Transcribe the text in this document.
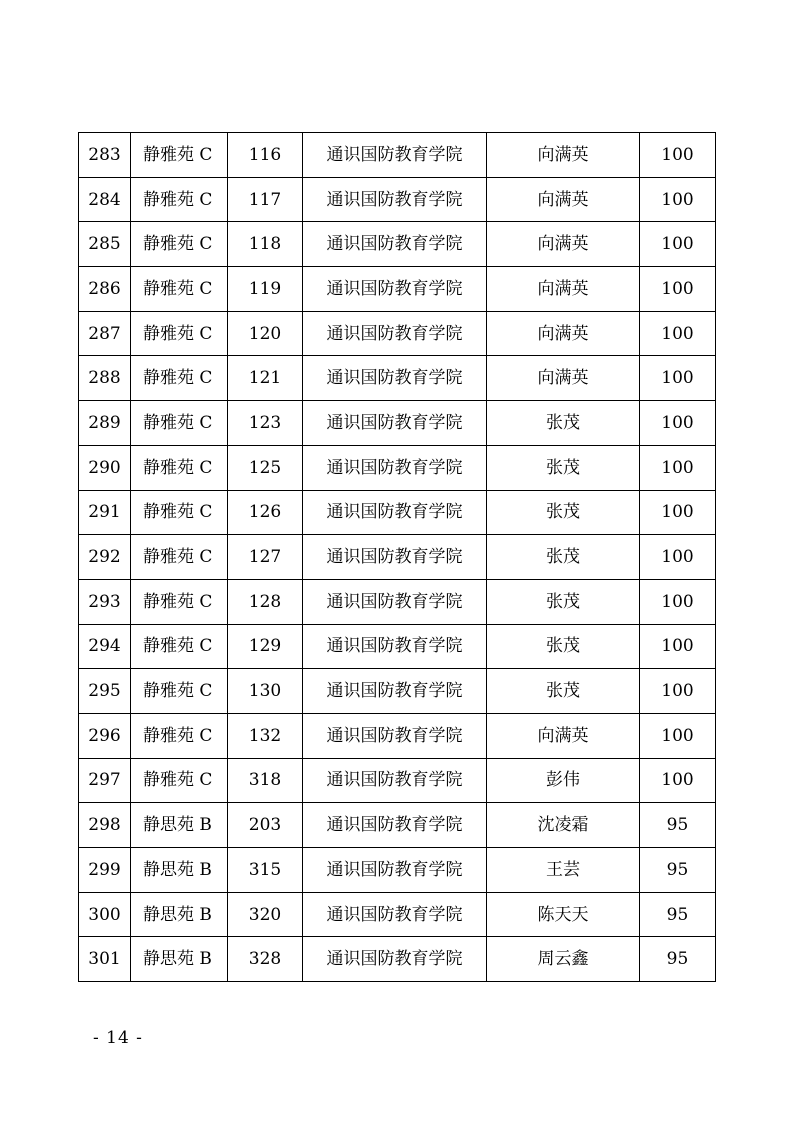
283	静雅苑 C	116	通识国防教育学院	向满英	100
284	静雅苑 C	117	通识国防教育学院	向满英	100
285	静雅苑 C	118	通识国防教育学院	向满英	100
286	静雅苑 C	119	通识国防教育学院	向满英	100
287	静雅苑 C	120	通识国防教育学院	向满英	100
288	静雅苑 C	121	通识国防教育学院	向满英	100
289	静雅苑 C	123	通识国防教育学院	张茂	100
290	静雅苑 C	125	通识国防教育学院	张茂	100
291	静雅苑 C	126	通识国防教育学院	张茂	100
292	静雅苑 C	127	通识国防教育学院	张茂	100
293	静雅苑 C	128	通识国防教育学院	张茂	100
294	静雅苑 C	129	通识国防教育学院	张茂	100
295	静雅苑 C	130	通识国防教育学院	张茂	100
296	静雅苑 C	132	通识国防教育学院	向满英	100
297	静雅苑 C	318	通识国防教育学院	彭伟	100
298	静思苑 B	203	通识国防教育学院	沈凌霜	95
299	静思苑 B	315	通识国防教育学院	王芸	95
300	静思苑 B	320	通识国防教育学院	陈天天	95
301	静思苑 B	328	通识国防教育学院	周云鑫	95
- 14 -
